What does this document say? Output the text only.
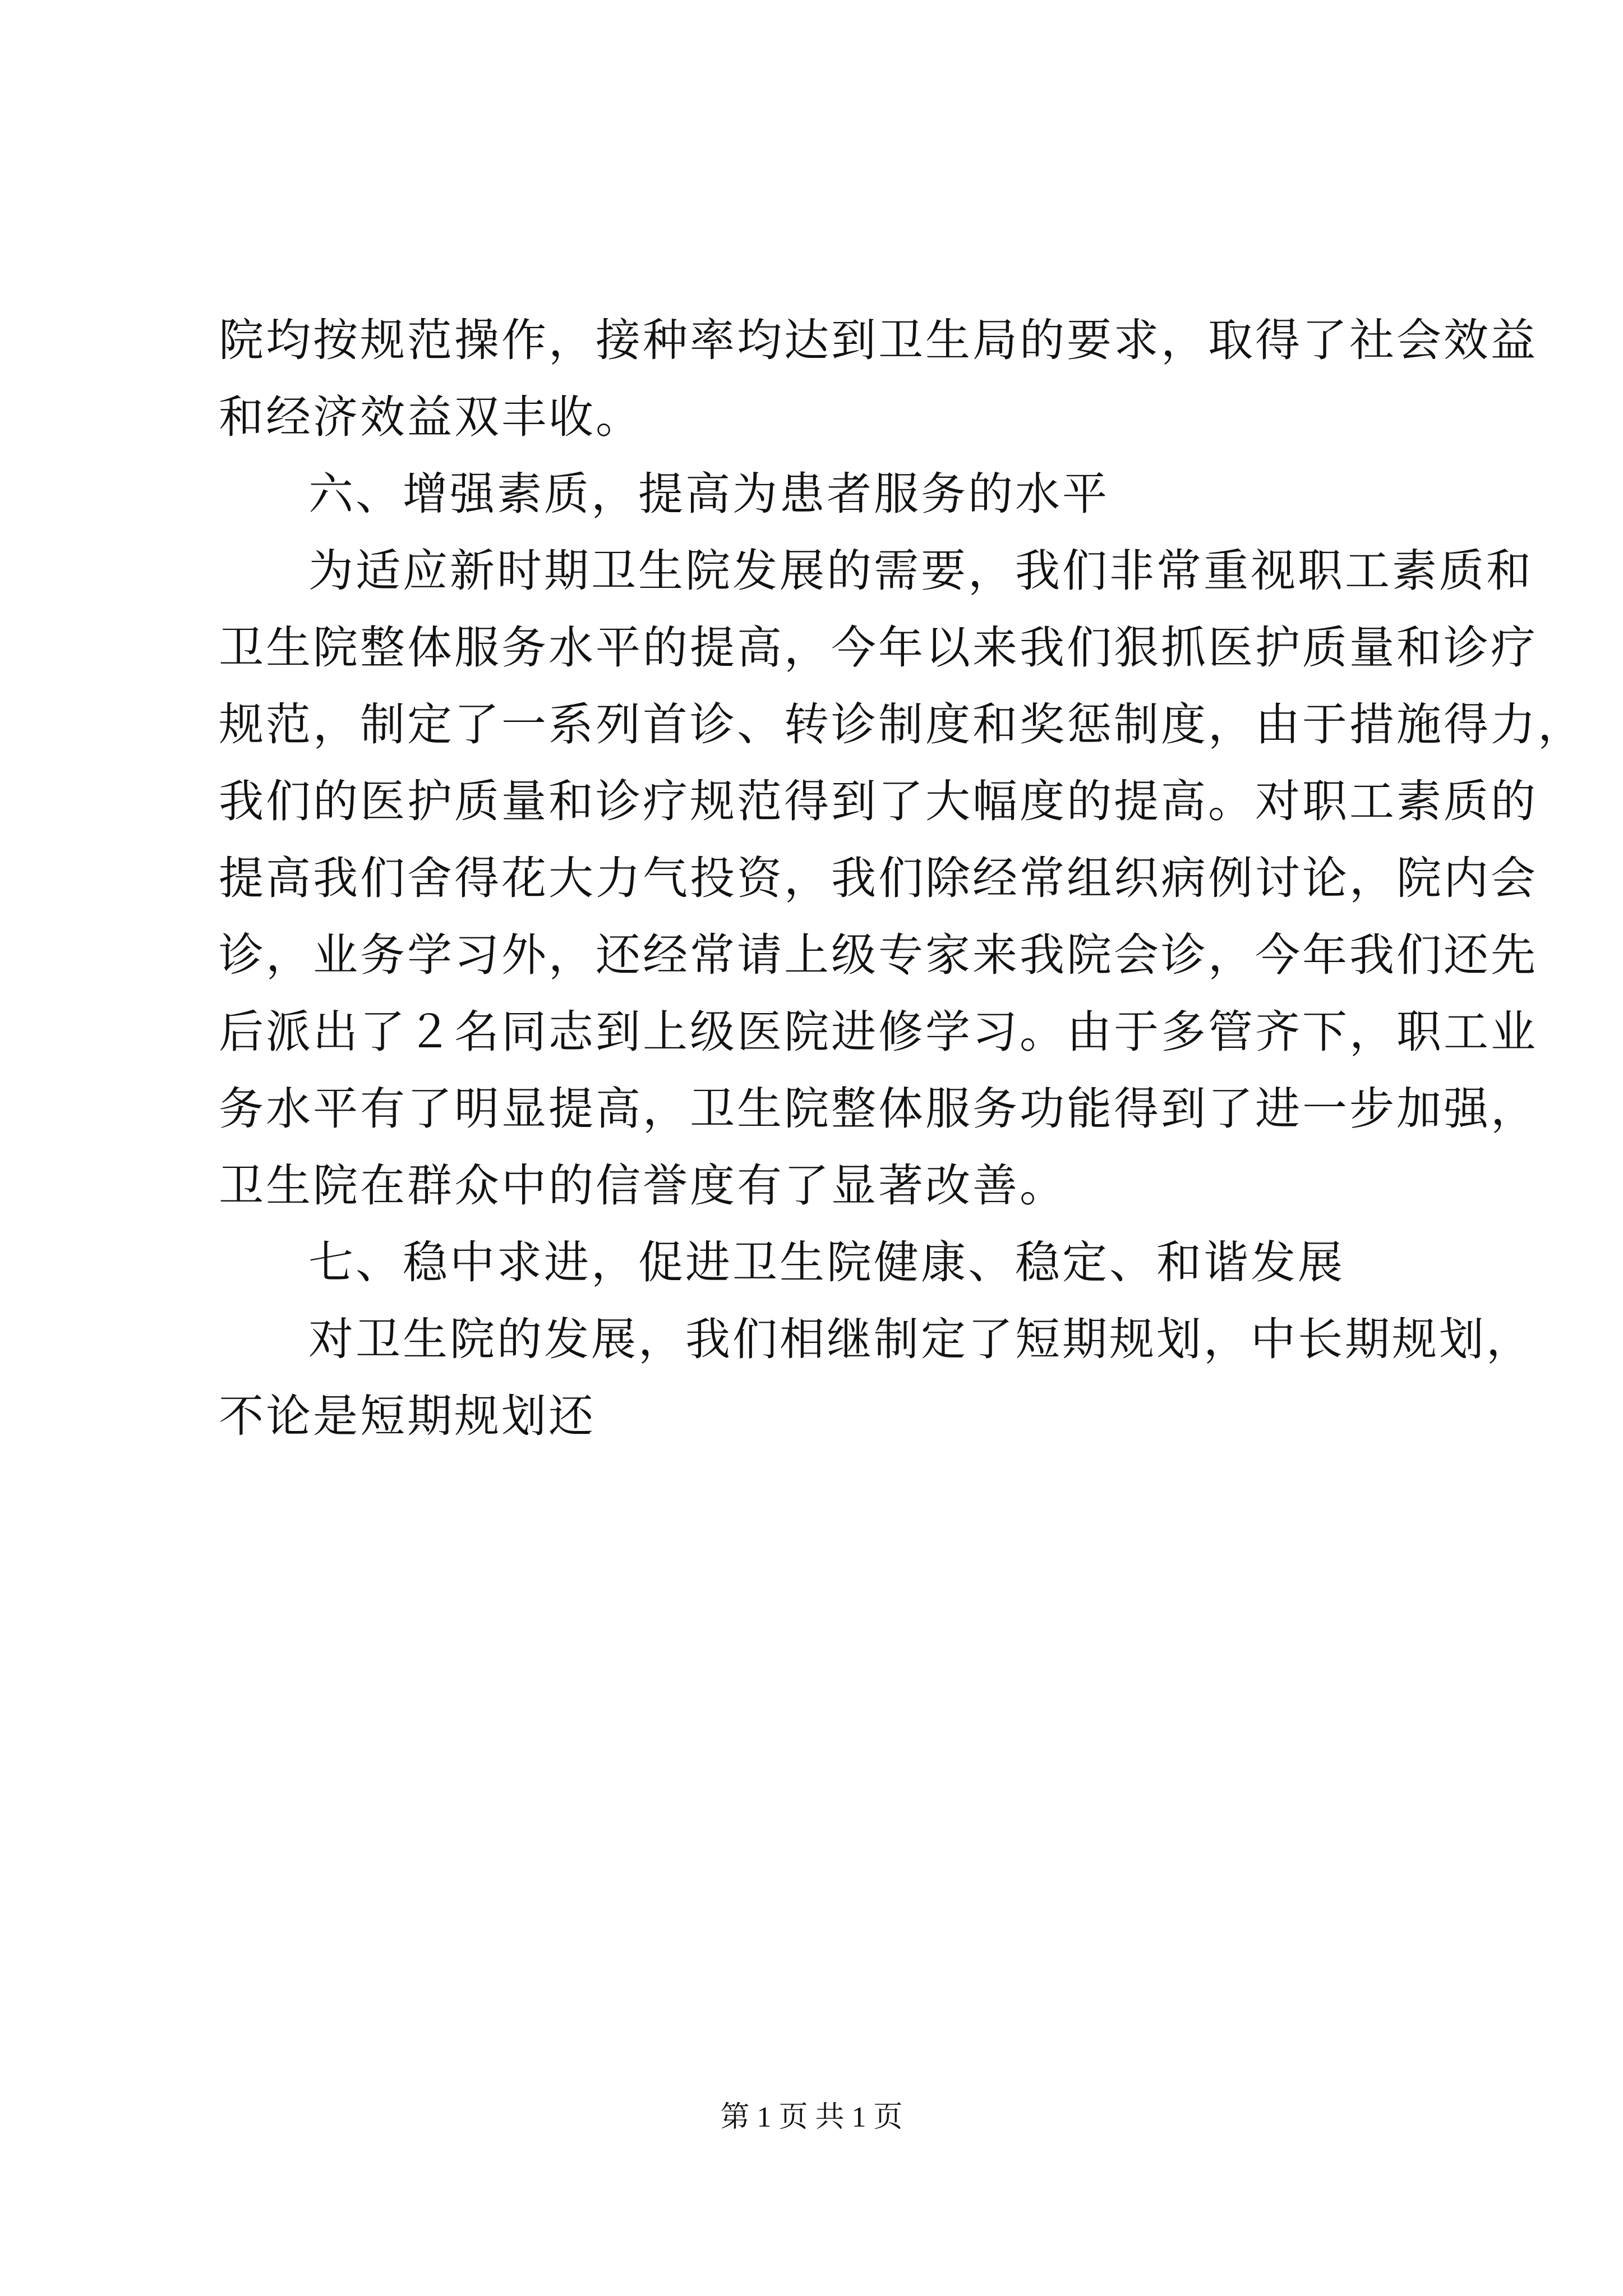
院均按规范操作，接种率均达到卫生局的要求，取得了社会效益
和经济效益双丰收。
六、增强素质，提高为患者服务的水平
为适应新时期卫生院发展的需要，我们非常重视职工素质和
卫生院整体服务水平的提高，今年以来我们狠抓医护质量和诊疗
规范，制定了一系列首诊、转诊制度和奖惩制度，由于措施得力，
我们的医护质量和诊疗规范得到了大幅度的提高。对职工素质的
提高我们舍得花大力气投资，我们除经常组织病例讨论，院内会
诊，业务学习外，还经常请上级专家来我院会诊，今年我们还先
后派出了２名同志到上级医院进修学习。由于多管齐下，职工业
务水平有了明显提高，卫生院整体服务功能得到了进一步加强，
卫生院在群众中的信誉度有了显著改善。
七、稳中求进，促进卫生院健康、稳定、和谐发展
对卫生院的发展，我们相继制定了短期规划，中长期规划，
不论是短期规划还
第 1 页 共 1 页
